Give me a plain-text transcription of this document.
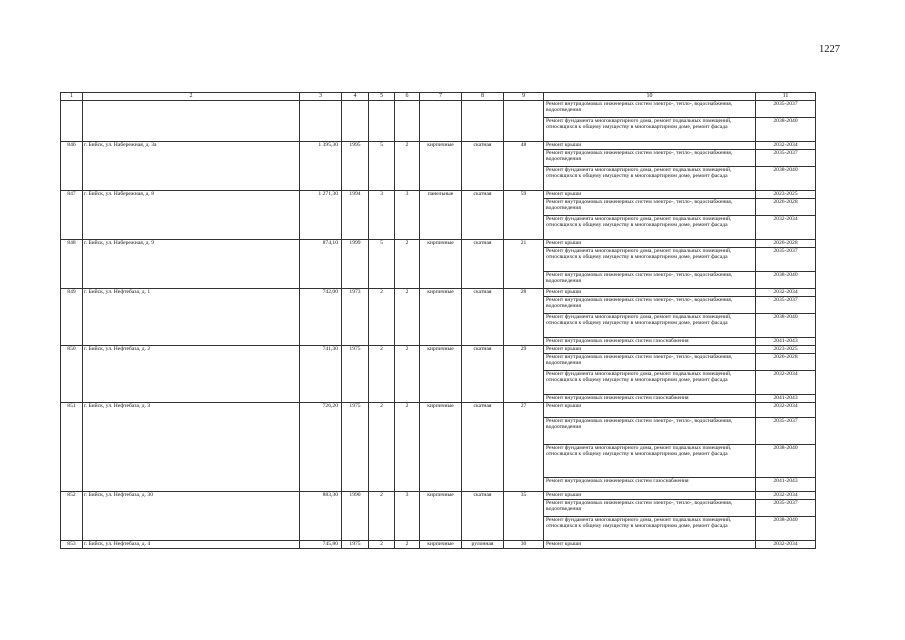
1227
1	2	3	4	5	6	7	8	9	10	11
									Ремонт внутридомовых инженерных систем электро-, тепло-, водоснабжения, водоотведения	2035-2037
									Ремонт фундамента многоквартирного дома, ремонт подвальных помещений, относящихся к общему имуществу в многоквартирном доме, ремонт фасада	2038-2040
846	г. Бийск, ул. Набережная, д. 3а	1 395,30	1995	5	2	кирпичные	скатная	48	Ремонт крыши	2032-2034
									Ремонт внутридомовых инженерных систем электро-, тепло-, водоснабжения, водоотведения	2035-2037
									Ремонт фундамента многоквартирного дома, ремонт подвальных помещений, относящихся к общему имуществу в многоквартирном доме, ремонт фасада	2038-2040
847	г. Бийск, ул. Набережная, д. 8	1 271,30	1994	3	3	панельные	скатная	59	Ремонт крыши	2023-2025
									Ремонт внутридомовых инженерных систем электро-, тепло-, водоснабжения, водоотведения	2026-2028
									Ремонт фундамента многоквартирного дома, ремонт подвальных помещений, относящихся к общему имуществу в многоквартирном доме, ремонт фасада	2032-2034
848	г. Бийск, ул. Набережная, д. 9	874,10	1999	5	2	кирпичные	скатная	21	Ремонт крыши	2026-2028
									Ремонт фундамента многоквартирного дома, ремонт подвальных помещений, относящихся к общему имуществу в многоквартирном доме, ремонт фасада	2035-2037
									Ремонт внутридомовых инженерных систем электро-, тепло-, водоснабжения, водоотведения	2038-2040
849	г. Бийск, ул. Нефтебаза, д. 1	742,00	1973	2	2	кирпичные	скатная	28	Ремонт крыши	2032-2034
									Ремонт внутридомовых инженерных систем электро-, тепло-, водоснабжения, водоотведения	2035-2037
									Ремонт фундамента многоквартирного дома, ремонт подвальных помещений, относящихся к общему имуществу в многоквартирном доме, ремонт фасада	2038-2040
									Ремонт внутридомовых инженерных систем газоснабжения	2041-2043
850	г. Бийск, ул. Нефтебаза, д. 2	741,30	1975	2	2	кирпичные	скатная	29	Ремонт крыши	2023-2025
									Ремонт внутридомовых инженерных систем электро-, тепло-, водоснабжения, водоотведения	2026-2028
									Ремонт фундамента многоквартирного дома, ремонт подвальных помещений, относящихся к общему имуществу в многоквартирном доме, ремонт фасада	2032-2034
									Ремонт внутридомовых инженерных систем газоснабжения	2041-2043
851	г. Бийск, ул. Нефтебаза, д. 3	726,20	1975	2	2	кирпичные	скатная	27	Ремонт крыши	2032-2034
									Ремонт внутридомовых инженерных систем электро-, тепло-, водоснабжения, водоотведения	2035-2037
									Ремонт фундамента многоквартирного дома, ремонт подвальных помещений, относящихся к общему имуществу в многоквартирном доме, ремонт фасада	2038-2040
									Ремонт внутридомовых инженерных систем газоснабжения	2041-2043
852	г. Бийск, ул. Нефтебаза, д. 30	883,30	1990	2	3	кирпичные	скатная	35	Ремонт крыши	2032-2034
									Ремонт внутридомовых инженерных систем электро-, тепло-, водоснабжения, водоотведения	2035-2037
									Ремонт фундамента многоквартирного дома, ремонт подвальных помещений, относящихся к общему имуществу в многоквартирном доме, ремонт фасада	2038-2040
853	г. Бийск, ул. Нефтебаза, д. 4	745,80	1975	2	2	кирпичные	рулонная	30	Ремонт крыши	2032-2034
